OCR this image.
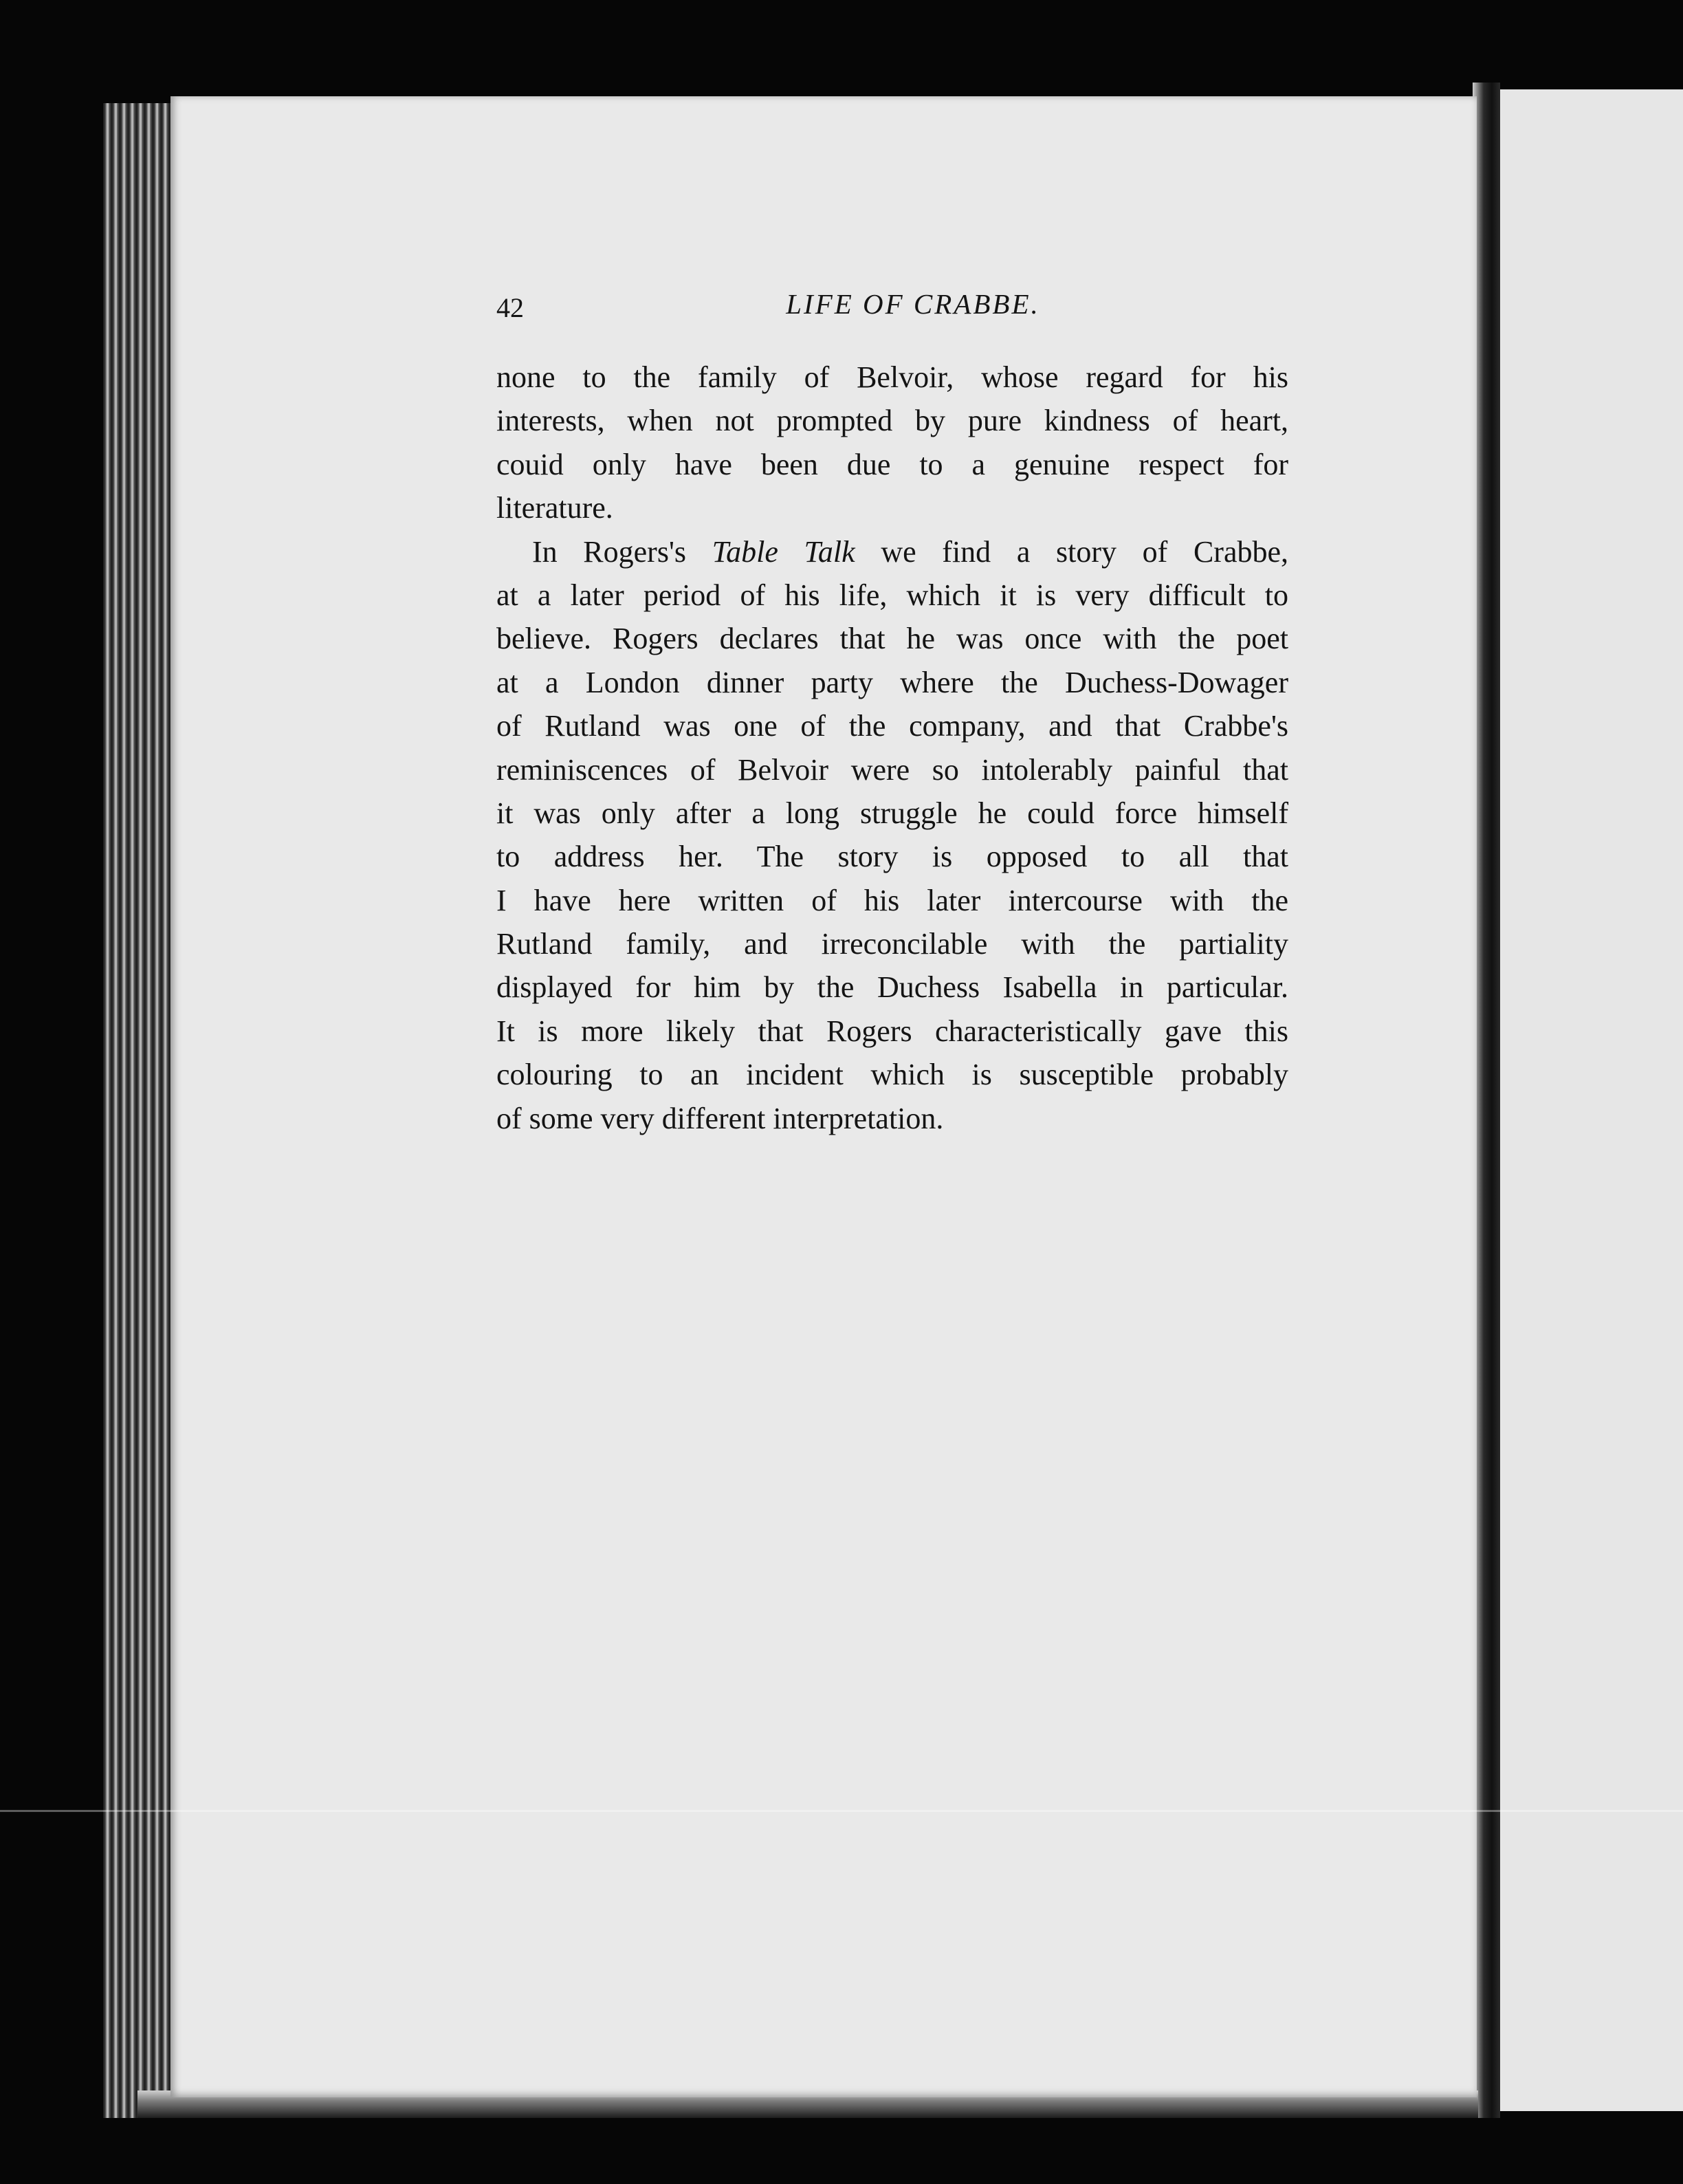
42	LIFE OF CRABBE.
none to the family of Belvoir, whose regard for his
interests, when not prompted by pure kindness of heart,
couid only have been due to a genuine respect for
literature.
In Rogers's Table Talk we find a story of Crabbe,
at a later period of his life, which it is very difficult to
believe. Rogers declares that he was once with the poet
at a London dinner party where the Duchess-Dowager
of Rutland was one of the company, and that Crabbe's
reminiscences of Belvoir were so intolerably painful that
it was only after a long struggle he could force himself
to address her. The story is opposed to all that
I have here written of his later intercourse with the
Rutland family, and irreconcilable with the partiality
displayed for him by the Duchess Isabella in particular.
It is more likely that Rogers characteristically gave this
colouring to an incident which is susceptible probably
of some very different interpretation.
